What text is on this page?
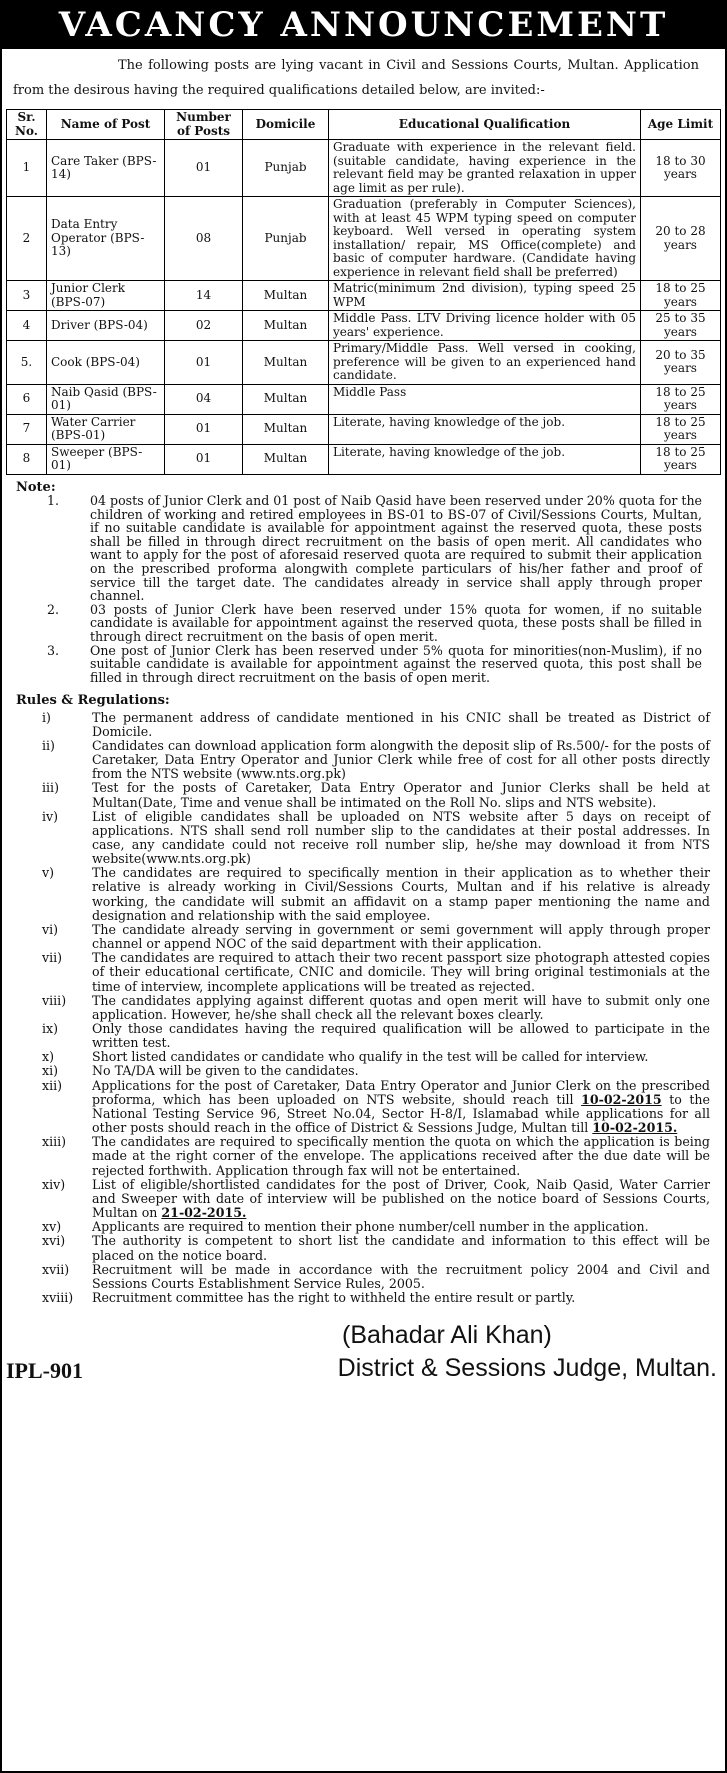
VACANCY ANNOUNCEMENT
The following posts are lying vacant in Civil and Sessions Courts, Multan. Application from the desirous having the required qualifications detailed below, are invited:-
Sr. No.	Name of Post	Number of Posts	Domicile	Educational Qualification	Age Limit
1	Care Taker (BPS-14)	01	Punjab	Graduate with experience in the relevant field. (suitable candidate, having experience in the relevant field may be granted relaxation in upper age limit as per rule).	18 to 30 years
2	Data Entry Operator (BPS-13)	08	Punjab	Graduation (preferably in Computer Sciences), with at least 45 WPM typing speed on computer keyboard. Well versed in operating system installation/ repair, MS Office(complete) and basic of computer hardware. (Candidate having experience in relevant field shall be preferred)	20 to 28 years
3	Junior Clerk (BPS-07)	14	Multan	Matric(minimum 2nd division), typing speed 25 WPM	18 to 25 years
4	Driver (BPS-04)	02	Multan	Middle Pass. LTV Driving licence holder with 05 years' experience.	25 to 35 years
5.	Cook (BPS-04)	01	Multan	Primary/Middle Pass. Well versed in cooking, preference will be given to an experienced hand candidate.	20 to 35 years
6	Naib Qasid (BPS-01)	04	Multan	Middle Pass	18 to 25 years
7	Water Carrier (BPS-01)	01	Multan	Literate, having knowledge of the job.	18 to 25 years
8	Sweeper (BPS-01)	01	Multan	Literate, having knowledge of the job.	18 to 25 years
Note:
1.	04 posts of Junior Clerk and 01 post of Naib Qasid have been reserved under 20% quota for the children of working and retired employees in BS-01 to BS-07 of Civil/Sessions Courts, Multan, if no suitable candidate is available for appointment against the reserved quota, these posts shall be filled in through direct recruitment on the basis of open merit. All candidates who want to apply for the post of aforesaid reserved quota are required to submit their application on the prescribed proforma alongwith complete particulars of his/her father and proof of service till the target date. The candidates already in service shall apply through proper channel.
2.	03 posts of Junior Clerk have been reserved under 15% quota for women, if no suitable candidate is available for appointment against the reserved quota, these posts shall be filled in through direct recruitment on the basis of open merit.
3.	One post of Junior Clerk has been reserved under 5% quota for minorities(non-Muslim), if no suitable candidate is available for appointment against the reserved quota, this post shall be filled in through direct recruitment on the basis of open merit.
Rules & Regulations:
i)	The permanent address of candidate mentioned in his CNIC shall be treated as District of Domicile.
ii)	Candidates can download application form alongwith the deposit slip of Rs.500/- for the posts of Caretaker, Data Entry Operator and Junior Clerk while free of cost for all other posts directly from the NTS website (www.nts.org.pk)
iii)	Test for the posts of Caretaker, Data Entry Operator and Junior Clerks shall be held at Multan(Date, Time and venue shall be intimated on the Roll No. slips and NTS website).
iv)	List of eligible candidates shall be uploaded on NTS website after 5 days on receipt of applications. NTS shall send roll number slip to the candidates at their postal addresses. In case, any candidate could not receive roll number slip, he/she may download it from NTS website(www.nts.org.pk)
v)	The candidates are required to specifically mention in their application as to whether their relative is already working in Civil/Sessions Courts, Multan and if his relative is already working, the candidate will submit an affidavit on a stamp paper mentioning the name and designation and relationship with the said employee.
vi)	The candidate already serving in government or semi government will apply through proper channel or append NOC of the said department with their application.
vii)	The candidates are required to attach their two recent passport size photograph attested copies of their educational certificate, CNIC and domicile. They will bring original testimonials at the time of interview, incomplete applications will be treated as rejected.
viii)	The candidates applying against different quotas and open merit will have to submit only one application. However, he/she shall check all the relevant boxes clearly.
ix)	Only those candidates having the required qualification will be allowed to participate in the written test.
x)	Short listed candidates or candidate who qualify in the test will be called for interview.
xi)	No TA/DA will be given to the candidates.
xii)	Applications for the post of Caretaker, Data Entry Operator and Junior Clerk on the prescribed proforma, which has been uploaded on NTS website, should reach till 10-02-2015 to the National Testing Service 96, Street No.04, Sector H-8/I, Islamabad while applications for all other posts should reach in the office of District & Sessions Judge, Multan till 10-02-2015.
xiii)	The candidates are required to specifically mention the quota on which the application is being made at the right corner of the envelope. The applications received after the due date will be rejected forthwith. Application through fax will not be entertained.
xiv)	List of eligible/shortlisted candidates for the post of Driver, Cook, Naib Qasid, Water Carrier and Sweeper with date of interview will be published on the notice board of Sessions Courts, Multan on 21-02-2015.
xv)	Applicants are required to mention their phone number/cell number in the application.
xvi)	The authority is competent to short list the candidate and information to this effect will be placed on the notice board.
xvii)	Recruitment will be made in accordance with the recruitment policy 2004 and Civil and Sessions Courts Establishment Service Rules, 2005.
xviii)	Recruitment committee has the right to withheld the entire result or partly.
(Bahadar Ali Khan)
IPL-901	District & Sessions Judge, Multan.
